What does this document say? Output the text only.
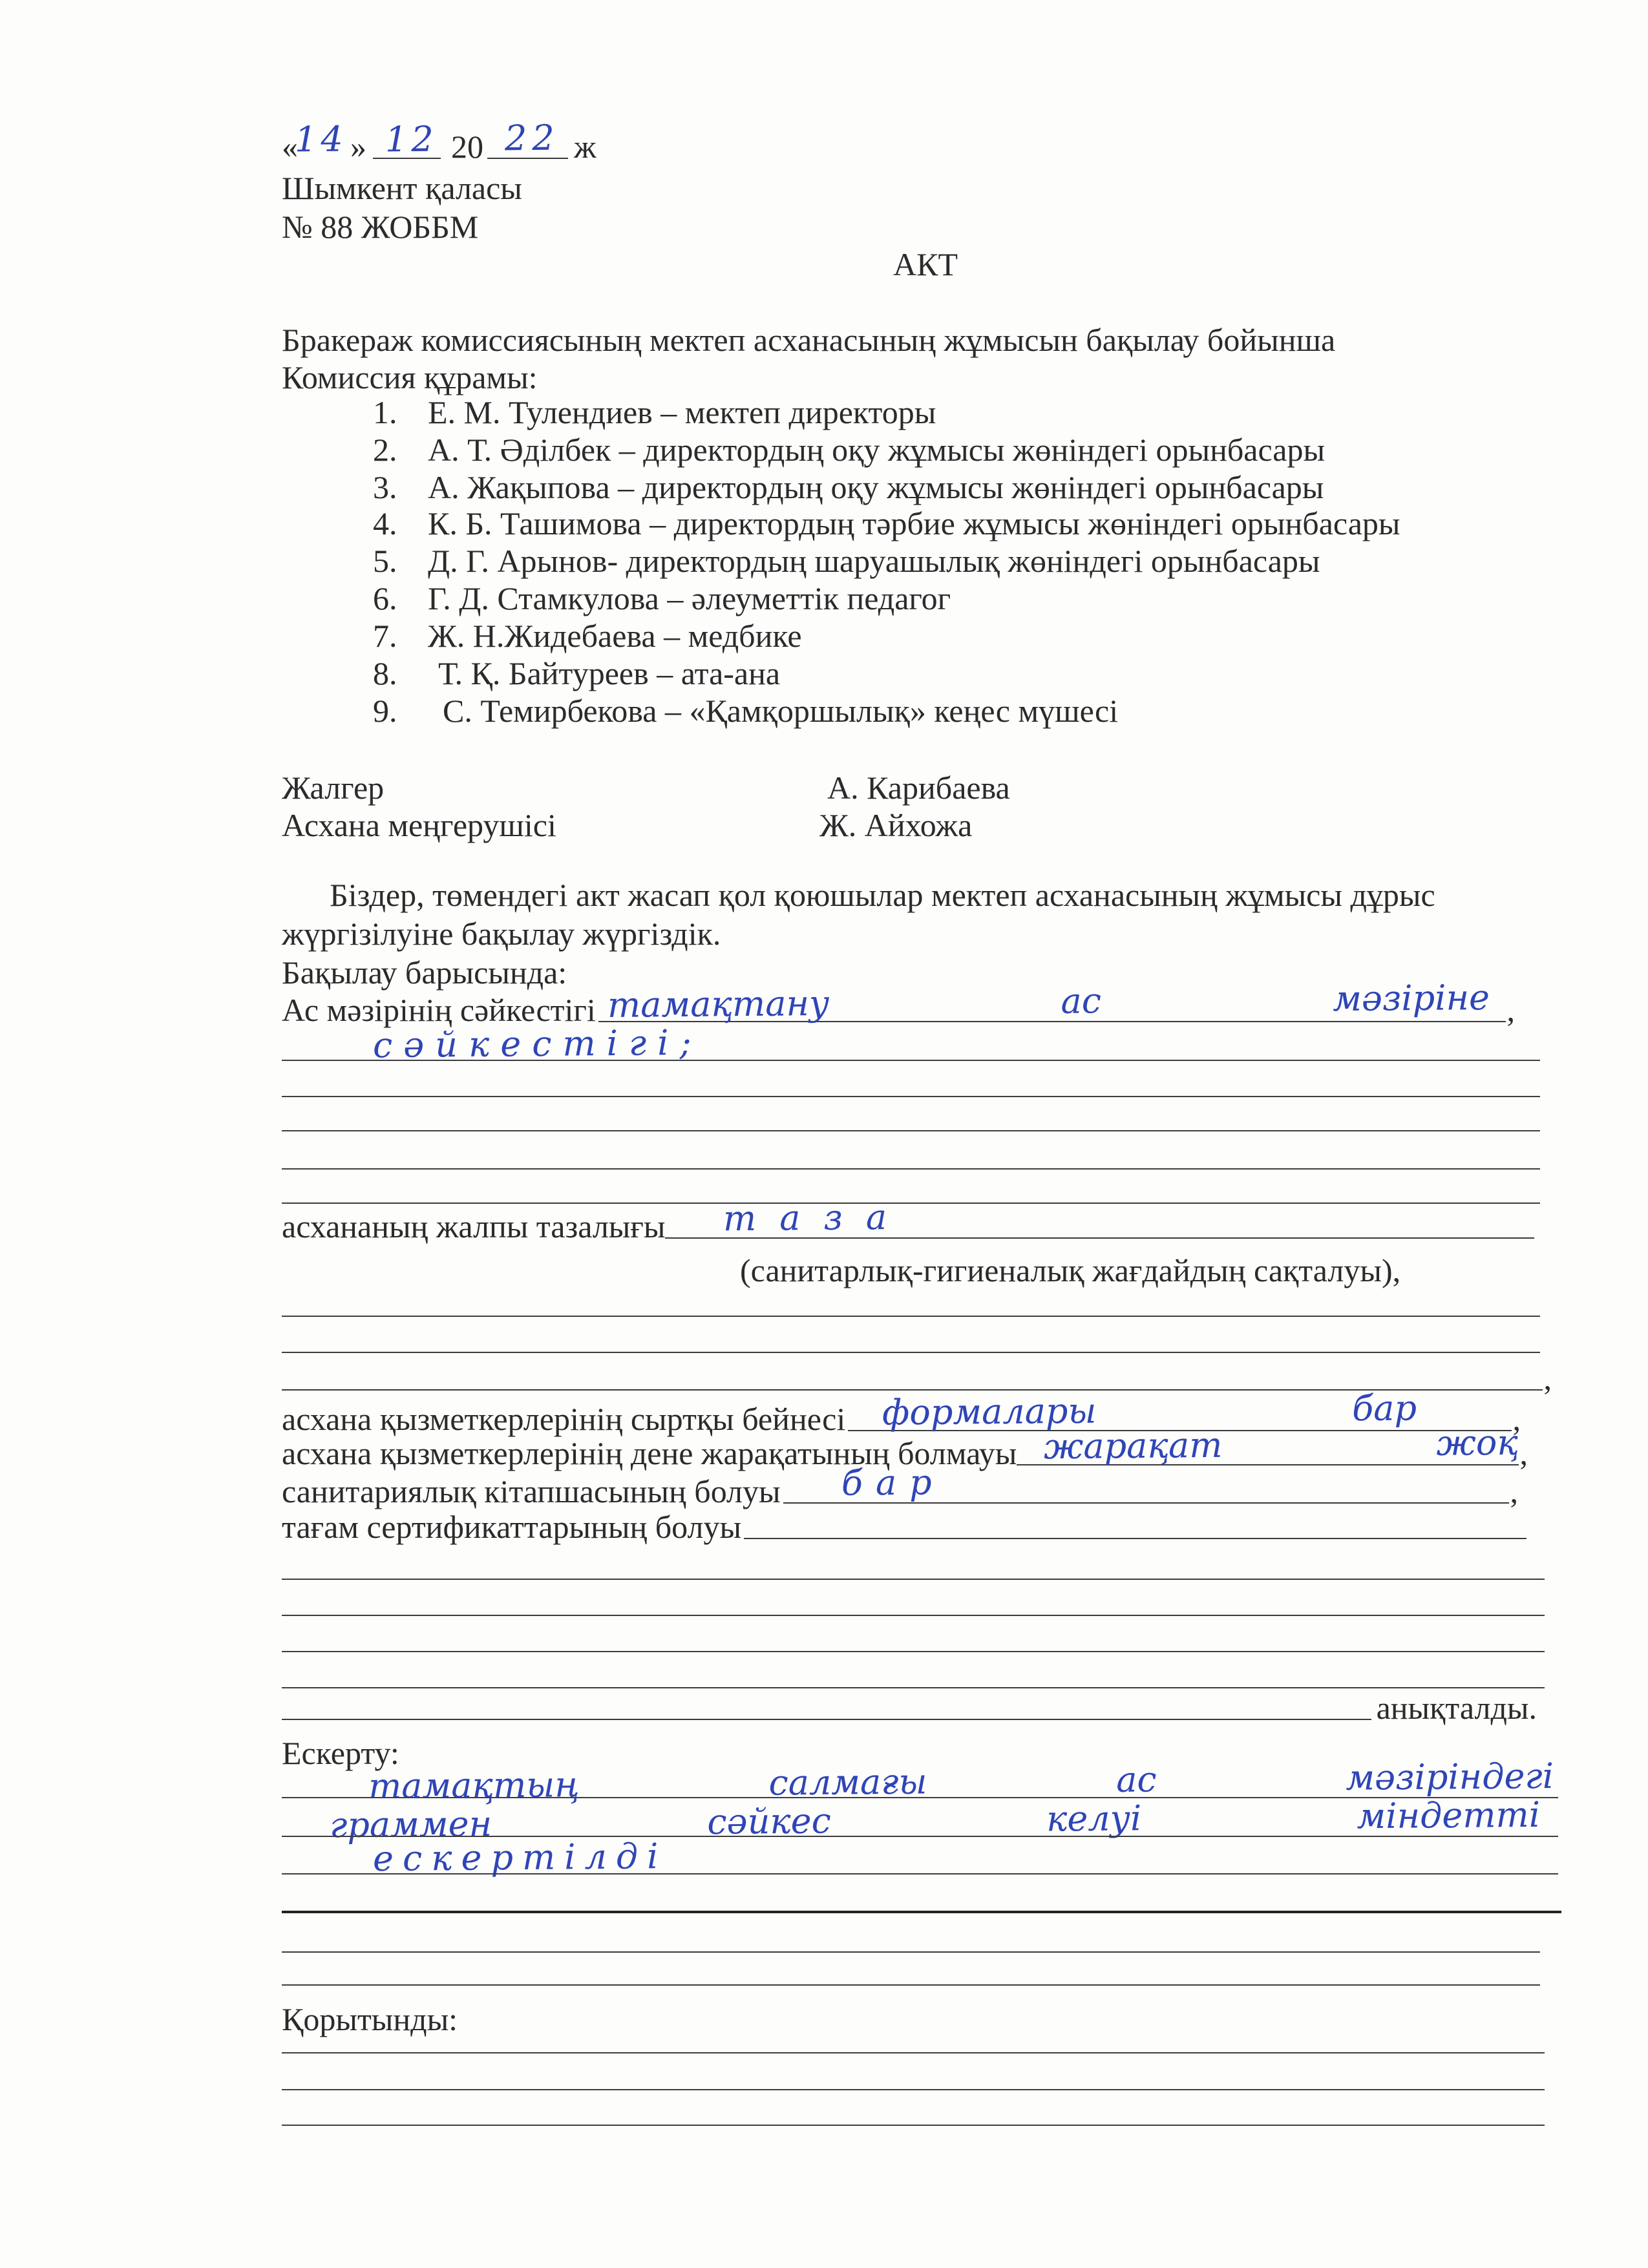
«
14 » 12 20 22 ж
Шымкент қаласы
№ 88 ЖОББМ
АКТ
Бракераж комиссиясының мектеп асханасының жұмысын бақылау бойынша
Комиссия құрамы:
1. Е. М. Тулендиев – мектеп директоры
2. А. Т. Әділбек – директордың оқу жұмысы жөніндегі орынбасары
3. А. Жақыпова – директордың оқу жұмысы жөніндегі орынбасары
4. К. Б. Ташимова – директордың тәрбие жұмысы жөніндегі орынбасары
5. Д. Г. Арынов- директордың шаруашылық жөніндегі орынбасары
6. Г. Д. Стамкулова – әлеуметтік педагог
7. Ж. Н.Жидебаева – медбике
8. Т. Қ. Байтуреев – ата-ана
9. С. Темирбекова – «Қамқоршылық» кеңес мүшесі
Жалгер	А. Карибаева
Асхана меңгерушісі	Ж. Айхожа
Біздер, төмендегі акт жасап қол қоюшылар мектеп асханасының жұмысы дұрыс
жүргізілуіне бақылау жүргіздік.
Бақылау барысында:
Ас мәзірінің сәйкестігі	,
тамақтану ас мәзіріне
сәйкестігі;
асхананың жалпы тазалығы таза
(санитарлық-гигиеналық жағдайдың сақталуы),
,
асхана қызметкерлерінің сыртқы бейнесі	,
формалары бар
асхана қызметкерлерінің дене жарақатының болмауы	,
жарақат жоқ
санитариялық кітапшасының болуы	,
бар
тағам сертификаттарының болуы
анықталды.
Ескерту:
тамақтың салмағы ас мәзіріндегі
граммен сәйкес келуі міндетті
ескертілді
Қорытынды:
